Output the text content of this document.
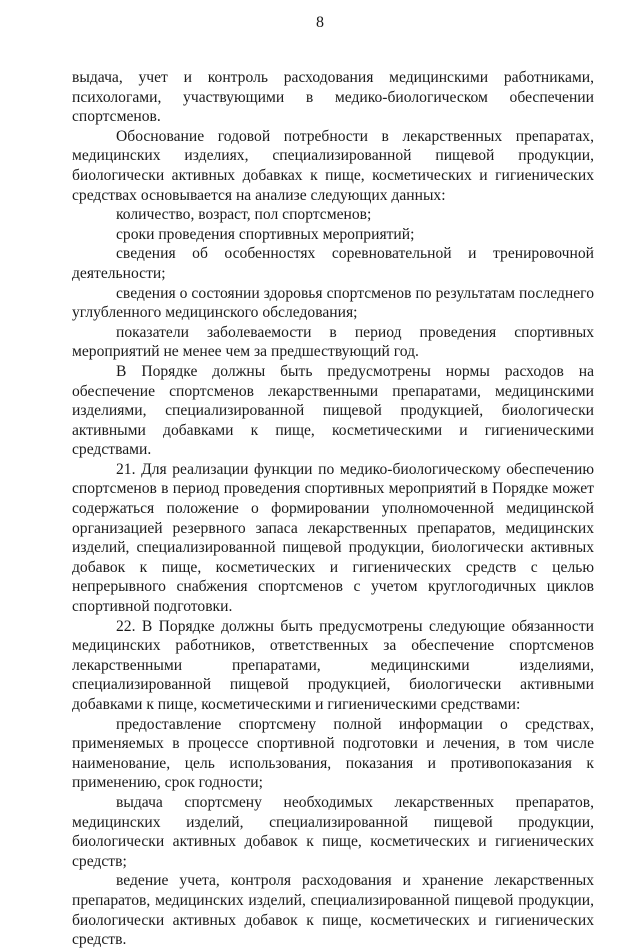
8

выдача, учет и контроль расходования медицинскими работниками, психологами, участвующими в медико-биологическом обеспечении спортсменов.

Обоснование годовой потребности в лекарственных препаратах, медицинских изделиях, специализированной пищевой продукции, биологически активных добавках к пище, косметических и гигиенических средствах основывается на анализе следующих данных:

количество, возраст, пол спортсменов;

сроки проведения спортивных мероприятий;

сведения об особенностях соревновательной и тренировочной деятельности;

сведения о состоянии здоровья спортсменов по результатам последнего углубленного медицинского обследования;

показатели заболеваемости в период проведения спортивных мероприятий не менее чем за предшествующий год.

В Порядке должны быть предусмотрены нормы расходов на обеспечение спортсменов лекарственными препаратами, медицинскими изделиями, специализированной пищевой продукцией, биологически активными добавками к пище, косметическими и гигиеническими средствами.

21. Для реализации функции по медико-биологическому обеспечению спортсменов в период проведения спортивных мероприятий в Порядке может содержаться положение о формировании уполномоченной медицинской организацией резервного запаса лекарственных препаратов, медицинских изделий, специализированной пищевой продукции, биологически активных добавок к пище, косметических и гигиенических средств с целью непрерывного снабжения спортсменов с учетом круглогодичных циклов спортивной подготовки.

22. В Порядке должны быть предусмотрены следующие обязанности медицинских работников, ответственных за обеспечение спортсменов лекарственными препаратами, медицинскими изделиями, специализированной пищевой продукцией, биологически активными добавками к пище, косметическими и гигиеническими средствами:

предоставление спортсмену полной информации о средствах, применяемых в процессе спортивной подготовки и лечения, в том числе наименование, цель использования, показания и противопоказания к применению, срок годности;

выдача спортсмену необходимых лекарственных препаратов, медицинских изделий, специализированной пищевой продукции, биологически активных добавок к пище, косметических и гигиенических средств;

ведение учета, контроля расходования и хранение лекарственных препаратов, медицинских изделий, специализированной пищевой продукции, биологически активных добавок к пище, косметических и гигиенических средств.
